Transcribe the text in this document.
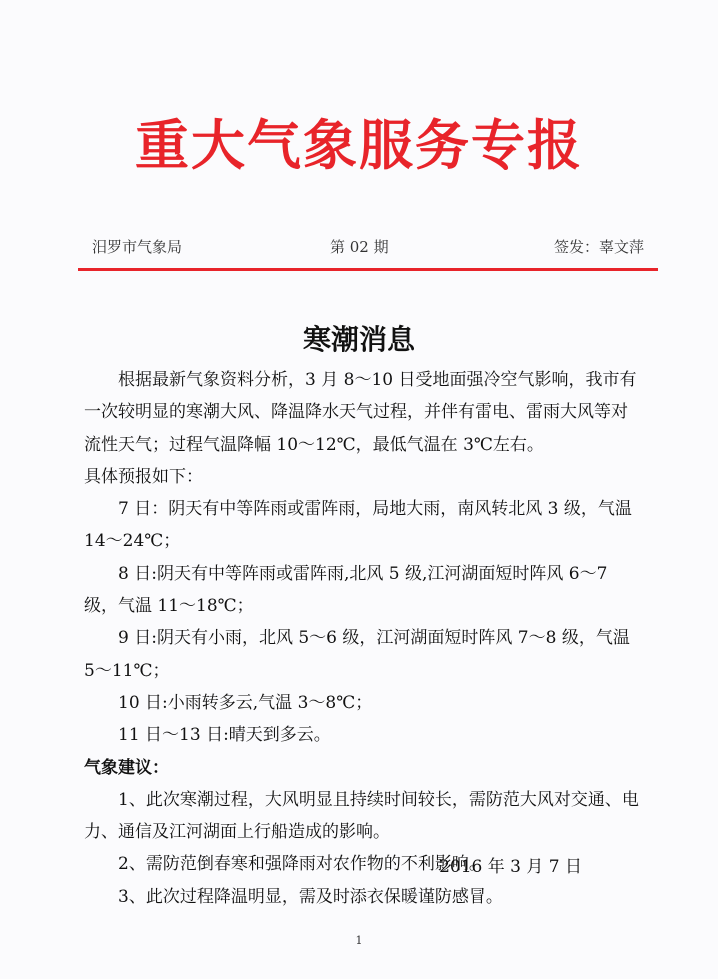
重大气象服务专报
汨罗市气象局	第 02 期	签发：辜文萍
寒潮消息

根据最新气象资料分析，3 月 8～10 日受地面强冷空气影响，我市有一次较明显的寒潮大风、降温降水天气过程，并伴有雷电、雷雨大风等对流性天气；过程气温降幅 10～12℃，最低气温在 3℃左右。

具体预报如下：

7 日：阴天有中等阵雨或雷阵雨，局地大雨，南风转北风 3 级，气温 14～24℃；

8 日:阴天有中等阵雨或雷阵雨,北风 5 级,江河湖面短时阵风 6～7 级，气温 11～18℃；

9 日:阴天有小雨，北风 5～6 级，江河湖面短时阵风 7～8 级，气温 5～11℃；

10 日:小雨转多云,气温 3～8℃；

11 日～13 日:晴天到多云。

气象建议：

1、此次寒潮过程，大风明显且持续时间较长，需防范大风对交通、电力、通信及江河湖面上行船造成的影响。

2、需防范倒春寒和强降雨对农作物的不利影响。

3、此次过程降温明显，需及时添衣保暖谨防感冒。

2016 年 3 月 7 日
1
